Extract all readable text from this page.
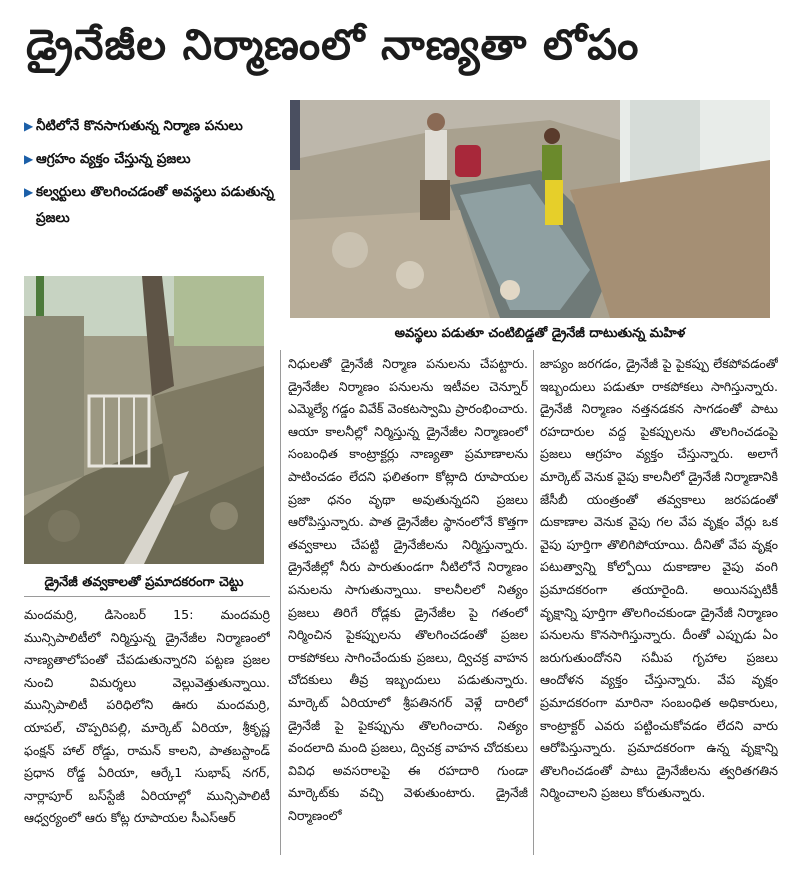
డ్రైనేజీల నిర్మాణంలో నాణ్యతా లోపం
▶ నీటిలోనే కొనసాగుతున్న నిర్మాణ పనులు
▶ ఆగ్రహం వ్యక్తం చేస్తున్న ప్రజలు
▶ కల్వర్టులు తొలగించడంతో అవస్థలు పడుతున్న ప్రజలు
అవస్థలు పడుతూ చంటిబిడ్డతో డ్రైనేజీ దాటుతున్న మహిళ
డ్రైనేజీ తవ్వకాలతో ప్రమాదకరంగా చెట్టు
మందమర్రి, డిసెంబర్ 15: మందమర్రి మున్సిపాలిటీలో నిర్మిస్తున్న డ్రైనేజీల నిర్మాణంలో నాణ్యతాలోపంతో చేపడుతున్నారని పట్టణ ప్రజల నుంచి విమర్శలు వెల్లువెత్తుతున్నాయి. మున్సిపాలిటీ పరిధిలోని ఊరు మందమర్రి, యాపల్, చొప్పరిపల్లి, మార్కెట్ ఏరియా, శ్రీకృష్ణ ఫంక్షన్ హాల్ రోడ్డు, రామన్ కాలని, పాతబస్టాండ్ ప్రధాన రోడ్డ ఏరియా, ఆర్కే1 సుభాష్ నగర్, నార్లాపూర్ బస్‌స్టేజీ ఏరియాల్లో మున్సిపాలిటీ ఆధ్వర్యంలో ఆరు కోట్ల రూపాయల సీఎస్ఆర్
నిధులతో డ్రైనేజీ నిర్మాణ పనులను చేపట్టారు. డ్రైనేజీల నిర్మాణం పనులను ఇటీవల చెన్నూర్ ఎమ్మెల్యే గడ్డం వివేక్ వెంకటస్వామి ప్రారంభించారు. ఆయా కాలనీల్లో నిర్మిస్తున్న డ్రైనేజీల నిర్మాణంలో సంబంధిత కాంట్రాక్టర్లు నాణ్యతా ప్రమాణాలను పాటించడం లేదని ఫలితంగా కోట్లాది రూపాయల ప్రజా ధనం వృథా అవుతున్నదని ప్రజలు ఆరోపిస్తున్నారు. పాత డ్రైనేజీల స్థానంలోనే కొత్తగా తవ్వకాలు చేపట్టి డ్రైనేజీలను నిర్మిస్తున్నారు. డ్రైనేజీల్లో నీరు పారుతుండగా నీటిలోనే నిర్మాణం పనులను సాగుతున్నాయి. కాలనీలలో నిత్యం ప్రజలు తిరిగే రోడ్లకు డ్రైనేజీల పై గతంలో నిర్మించిన పైకప్పులను తొలగించడంతో ప్రజల రాకపోకలు సాగించేందుకు ప్రజలు, ద్విచక్ర వాహన చోదకులు తీవ్ర ఇబ్బందులు పడుతున్నారు. మార్కెట్ ఏరియాలో శ్రీపతినగర్ వెళ్లే దారిలో డ్రైనేజీ పై పైకప్పును తొలగించారు. నిత్యం వందలాది మంది ప్రజలు, ద్విచక్ర వాహన చోదకులు వివిధ అవసరాలపై ఈ రహదారి గుండా మార్కెట్‌కు వచ్చి వెళుతుంటారు. డ్రైనేజీ నిర్మాణంలో
జాప్యం జరగడం, డ్రైనేజీ పై పైకప్పు లేకపోవడంతో ఇబ్బందులు పడుతూ రాకపోకలు సాగిస్తున్నారు. డ్రైనేజీ నిర్మాణం నత్తనడకన సాగడంతో పాటు రహదారుల వద్ద పైకప్పులను తొలగించడంపై ప్రజలు ఆగ్రహం వ్యక్తం చేస్తున్నారు. అలాగే మార్కెట్ వెనుక వైపు కాలనీలో డ్రైనేజీ నిర్మాణానికి జేసీబీ యంత్రంతో తవ్వకాలు జరపడంతో దుకాణాల వెనుక వైపు గల వేప వృక్షం వేర్లు ఒక వైపు పూర్తిగా తొలిగిపోయాయి. దీనితో వేప వృక్షం పటుత్వాన్ని కోల్పోయి దుకాణాల వైపు వంగి ప్రమాదకరంగా తయారైంది. అయినప్పటికీ వృక్షాన్ని పూర్తిగా తొలగించకుండా డ్రైనేజీ నిర్మాణం పనులను కొనసాగిస్తున్నారు. దీంతో ఎప్పుడు ఏం జరుగుతుందోనని సమీప గృహాల ప్రజలు ఆందోళన వ్యక్తం చేస్తున్నారు. వేప వృక్షం ప్రమాదకరంగా మారినా సంబంధిత అధికారులు, కాంట్రాక్టర్ ఎవరు పట్టించుకోవడం లేదని వారు ఆరోపిస్తున్నారు. ప్రమాదకరంగా ఉన్న వృక్షాన్ని తొలగించడంతో పాటు డ్రైనేజీలను త్వరితగతిన నిర్మించాలని ప్రజలు కోరుతున్నారు.
